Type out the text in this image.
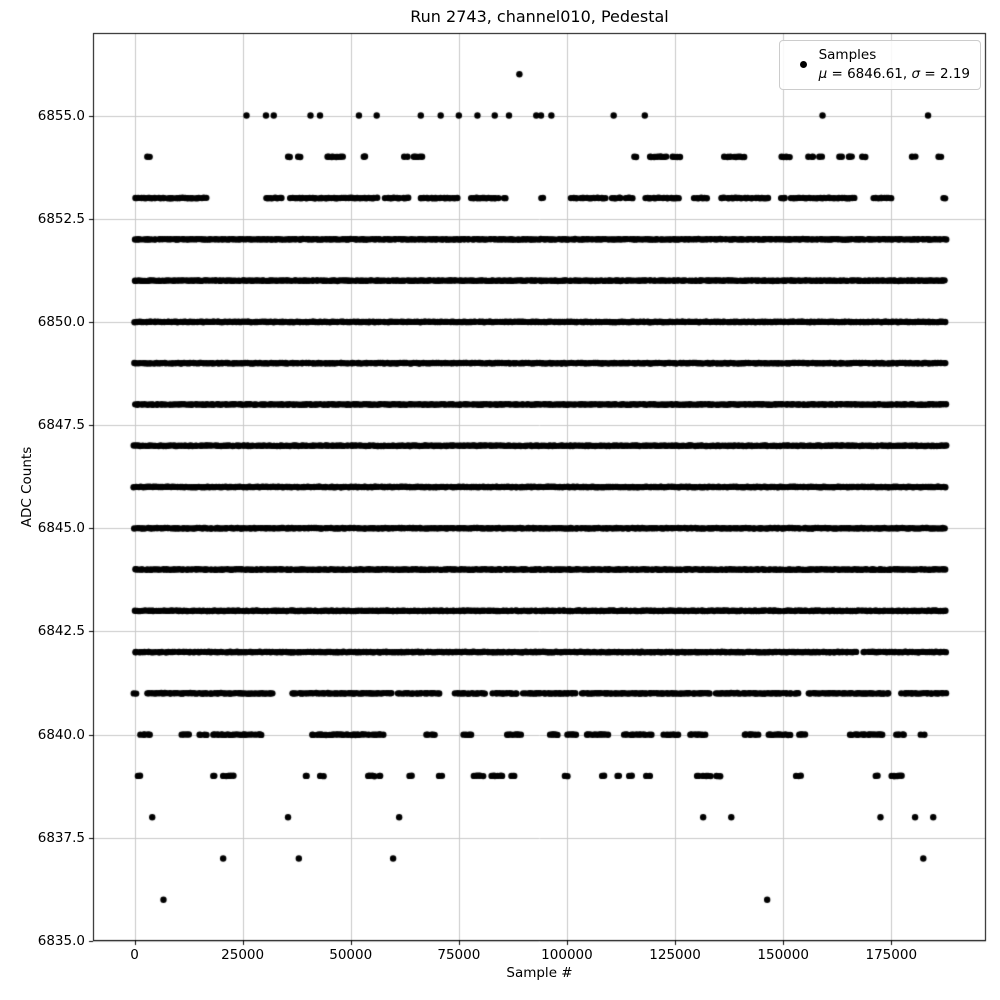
Run 2743, channel010, Pedestal
0	25000	50000	75000	100000	125000	150000	175000
6835.0
6837.5
6840.0
6842.5
6845.0
6847.5
6850.0
6852.5
6855.0
Sample #
ADC Counts
Samples
μ = 6846.61, σ = 2.19
